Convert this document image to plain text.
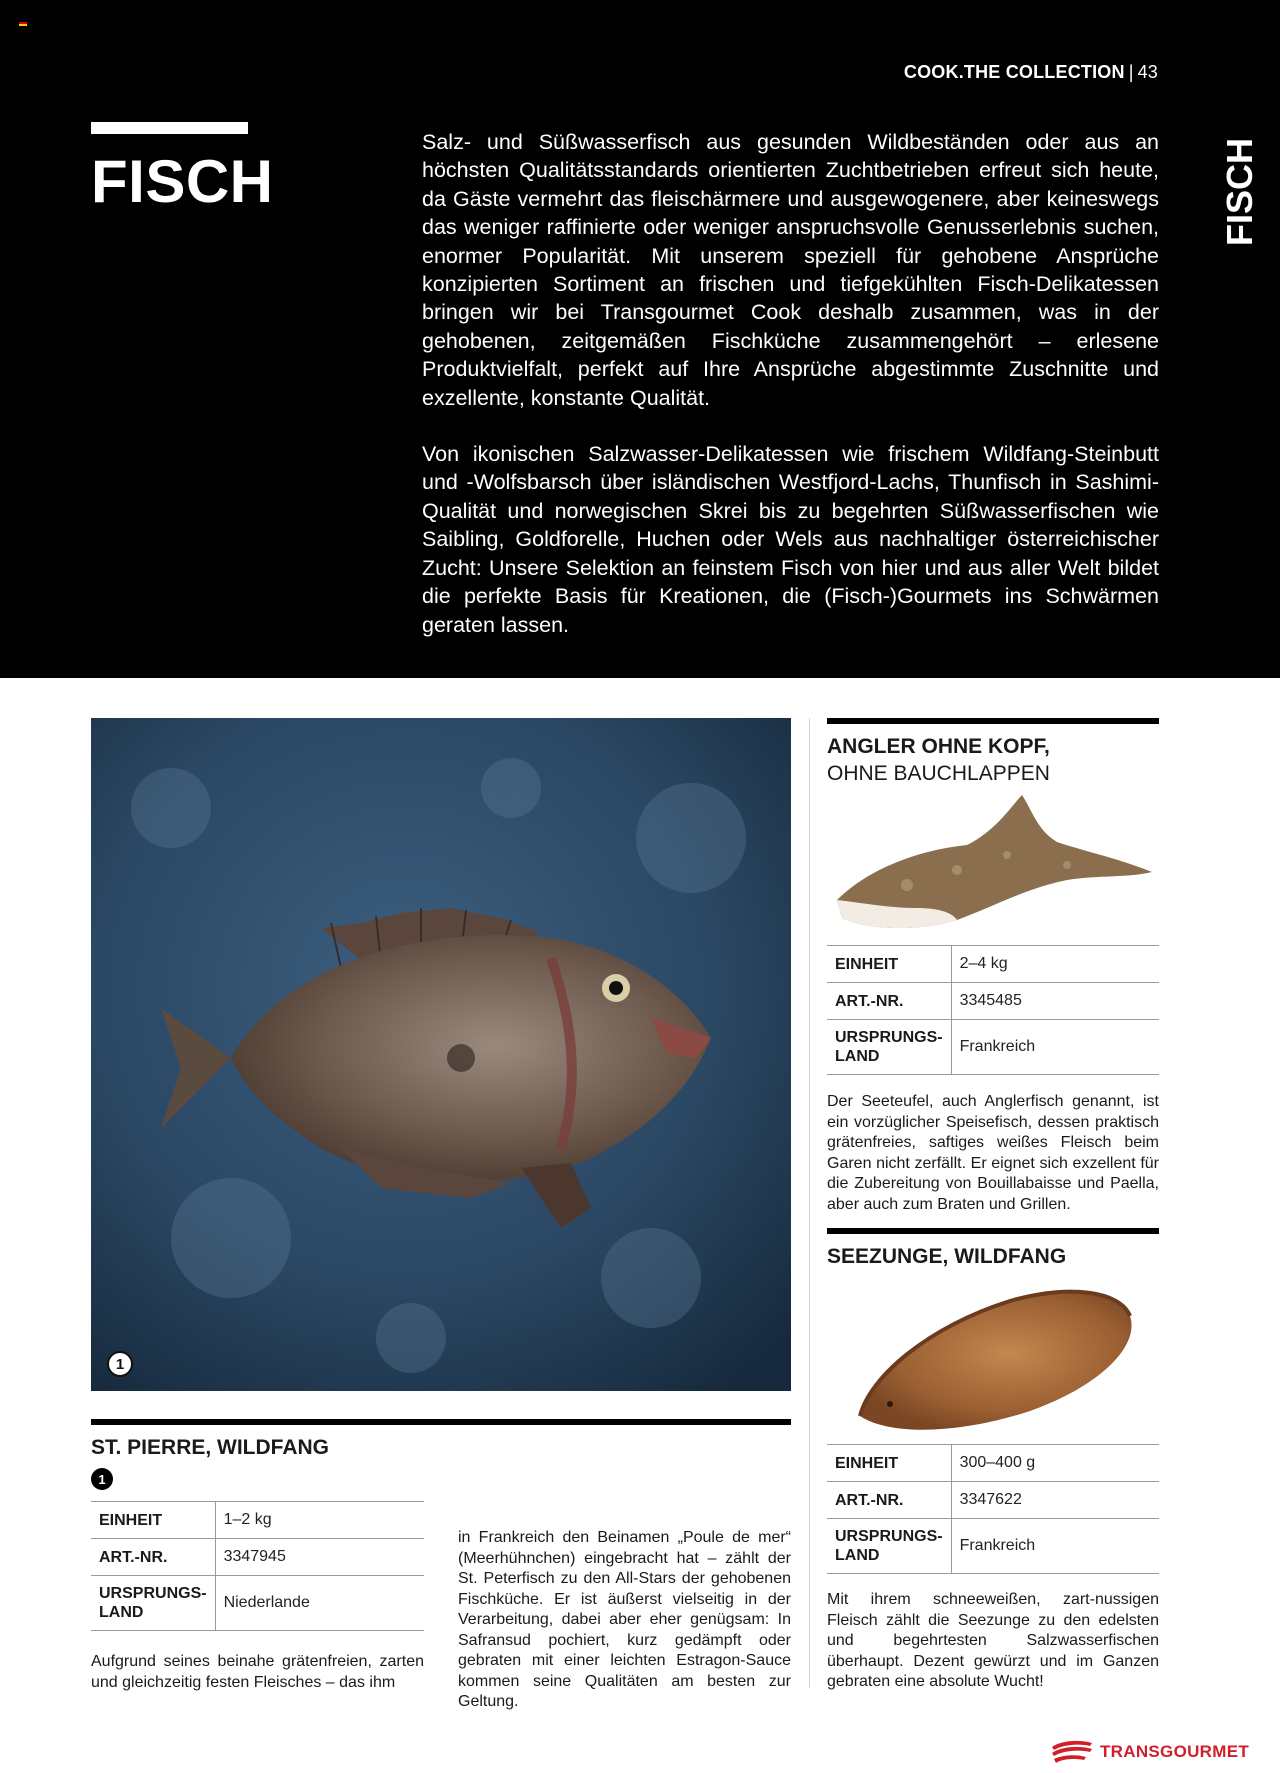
COOK.THE COLLECTION | 43
FISCH	FISCH

Salz- und Süßwasserfisch aus gesunden Wildbeständen oder aus an höchsten Qualitätsstandards orientierten Zuchtbetrieben erfreut sich heute, da Gäste vermehrt das fleischärmere und ausgewogenere, aber keineswegs das weniger raffinierte oder weniger anspruchsvolle Genusserlebnis suchen, enormer Popularität. Mit unserem speziell für gehobene Ansprüche konzipierten Sortiment an frischen und tiefgekühlten Fisch-Delikatessen bringen wir bei Transgourmet Cook deshalb zusammen, was in der gehobenen, zeitgemäßen Fischküche zusammengehört – erlesene Produktvielfalt, perfekt auf Ihre Ansprüche abgestimmte Zuschnitte und exzellente, konstante Qualität.

Von ikonischen Salzwasser-Delikatessen wie frischem Wildfang-Steinbutt und -Wolfsbarsch über isländischen Westfjord-Lachs, Thunfisch in Sashimi-Qualität und norwegischen Skrei bis zu begehrten Süßwasserfischen wie Saibling, Goldforelle, Huchen oder Wels aus nachhaltiger österreichischer Zucht: Unsere Selektion an feinstem Fisch von hier und aus aller Welt bildet die perfekte Basis für Kreationen, die (Fisch-)Gourmets ins Schwärmen geraten lassen.

1
ST. PIERRE, WILDFANG
1
EINHEIT	1–2 kg
ART.-NR.	3347945
URSPRUNGS-
LAND	Niederlande

Aufgrund seines beinahe grätenfreien, zarten und gleichzeitig festen Fleisches – das ihm

in Frankreich den Beinamen „Poule de mer“ (Meerhühnchen) eingebracht hat – zählt der St. Peterfisch zu den All-Stars der gehobenen Fischküche. Er ist äußerst vielseitig in der Verarbeitung, dabei aber eher genügsam: In Safransud pochiert, kurz gedämpft oder gebraten mit einer leichten Estragon-Sauce kommen seine Qualitäten am besten zur Geltung.

ANGLER OHNE KOPF,
OHNE BAUCHLAPPEN
EINHEIT	2–4 kg
ART.-NR.	3345485
URSPRUNGS-
LAND	Frankreich

Der Seeteufel, auch Anglerfisch genannt, ist ein vorzüglicher Speisefisch, dessen praktisch grätenfreies, saftiges weißes Fleisch beim Garen nicht zerfällt. Er eignet sich exzellent für die Zubereitung von Bouillabaisse und Paella, aber auch zum Braten und Grillen.

SEEZUNGE, WILDFANG
EINHEIT	300–400 g
ART.-NR.	3347622
URSPRUNGS-
LAND	Frankreich

Mit ihrem schneeweißen, zart-nussigen Fleisch zählt die Seezunge zu den edelsten und begehrtesten Salzwasserfischen überhaupt. Dezent gewürzt und im Ganzen gebraten eine absolute Wucht!

TRANSGOURMET
